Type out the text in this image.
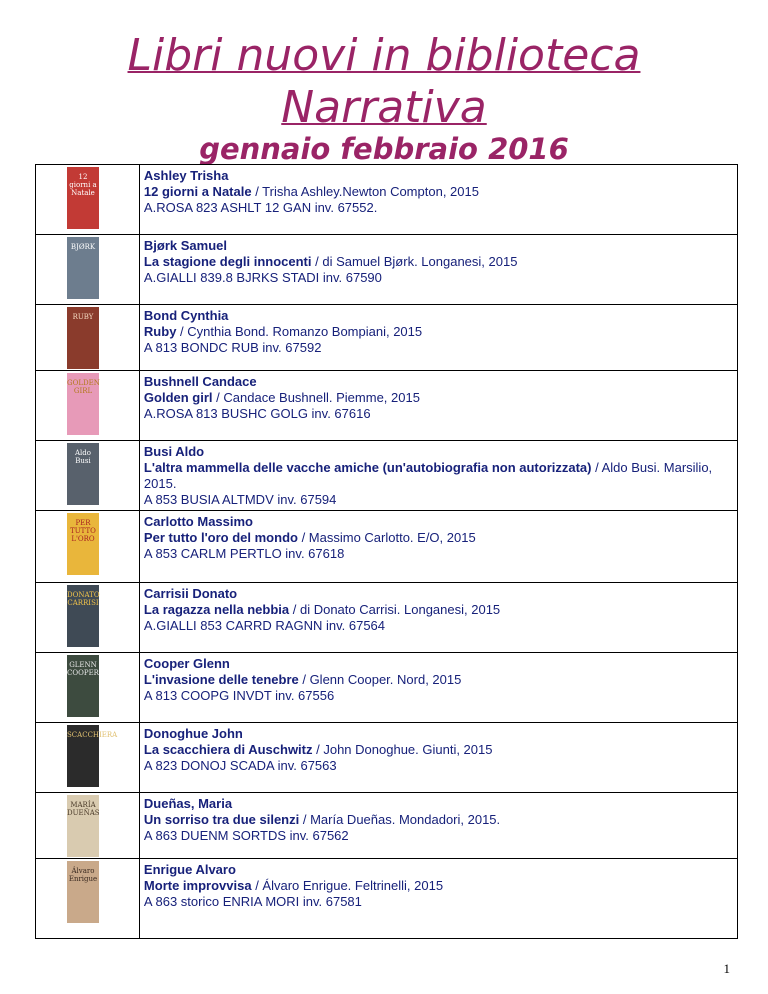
Libri nuovi in biblioteca
Narrativa
gennaio febbraio 2016
12 giorni a Natale	Ashley Trisha
12 giorni a Natale / Trisha Ashley.Newton Compton, 2015
A.ROSA 823 ASHLT 12 GAN inv. 67552.

BJØRK	Bjørk Samuel
La stagione degli innocenti / di Samuel Bjørk. Longanesi, 2015
A.GIALLI 839.8 BJRKS STADI inv. 67590

RUBY	Bond Cynthia
Ruby / Cynthia Bond. Romanzo Bompiani, 2015
A 813 BONDC RUB inv. 67592

GOLDEN GIRL	Bushnell Candace
Golden girl / Candace Bushnell. Piemme, 2015
A.ROSA 813 BUSHC GOLG inv. 67616

Aldo Busi	Busi Aldo
L'altra mammella delle vacche amiche (un'autobiografia non autorizzata) / Aldo Busi. Marsilio, 2015.
A 853 BUSIA ALTMDV inv. 67594

PER TUTTO L'ORO	Carlotto Massimo
Per tutto l'oro del mondo / Massimo Carlotto. E/O, 2015
A 853 CARLM PERTLO inv. 67618

DONATO CARRISI	Carrisii Donato
La ragazza nella nebbia / di Donato Carrisi. Longanesi, 2015
A.GIALLI 853 CARRD RAGNN inv. 67564

GLENN COOPER	Cooper Glenn
L'invasione delle tenebre / Glenn Cooper. Nord, 2015
A 813 COOPG INVDT inv. 67556

SCACCHIERA	Donoghue John
La scacchiera di Auschwitz / John Donoghue. Giunti, 2015
A 823 DONOJ SCADA inv. 67563

MARÍA DUEÑAS	Dueñas, Maria
Un sorriso tra due silenzi / María Dueñas. Mondadori, 2015.
A 863 DUENM SORTDS inv. 67562

Álvaro Enrigue	Enrigue Alvaro
Morte improvvisa / Álvaro Enrigue. Feltrinelli, 2015
A 863 storico ENRIA MORI inv. 67581
1
